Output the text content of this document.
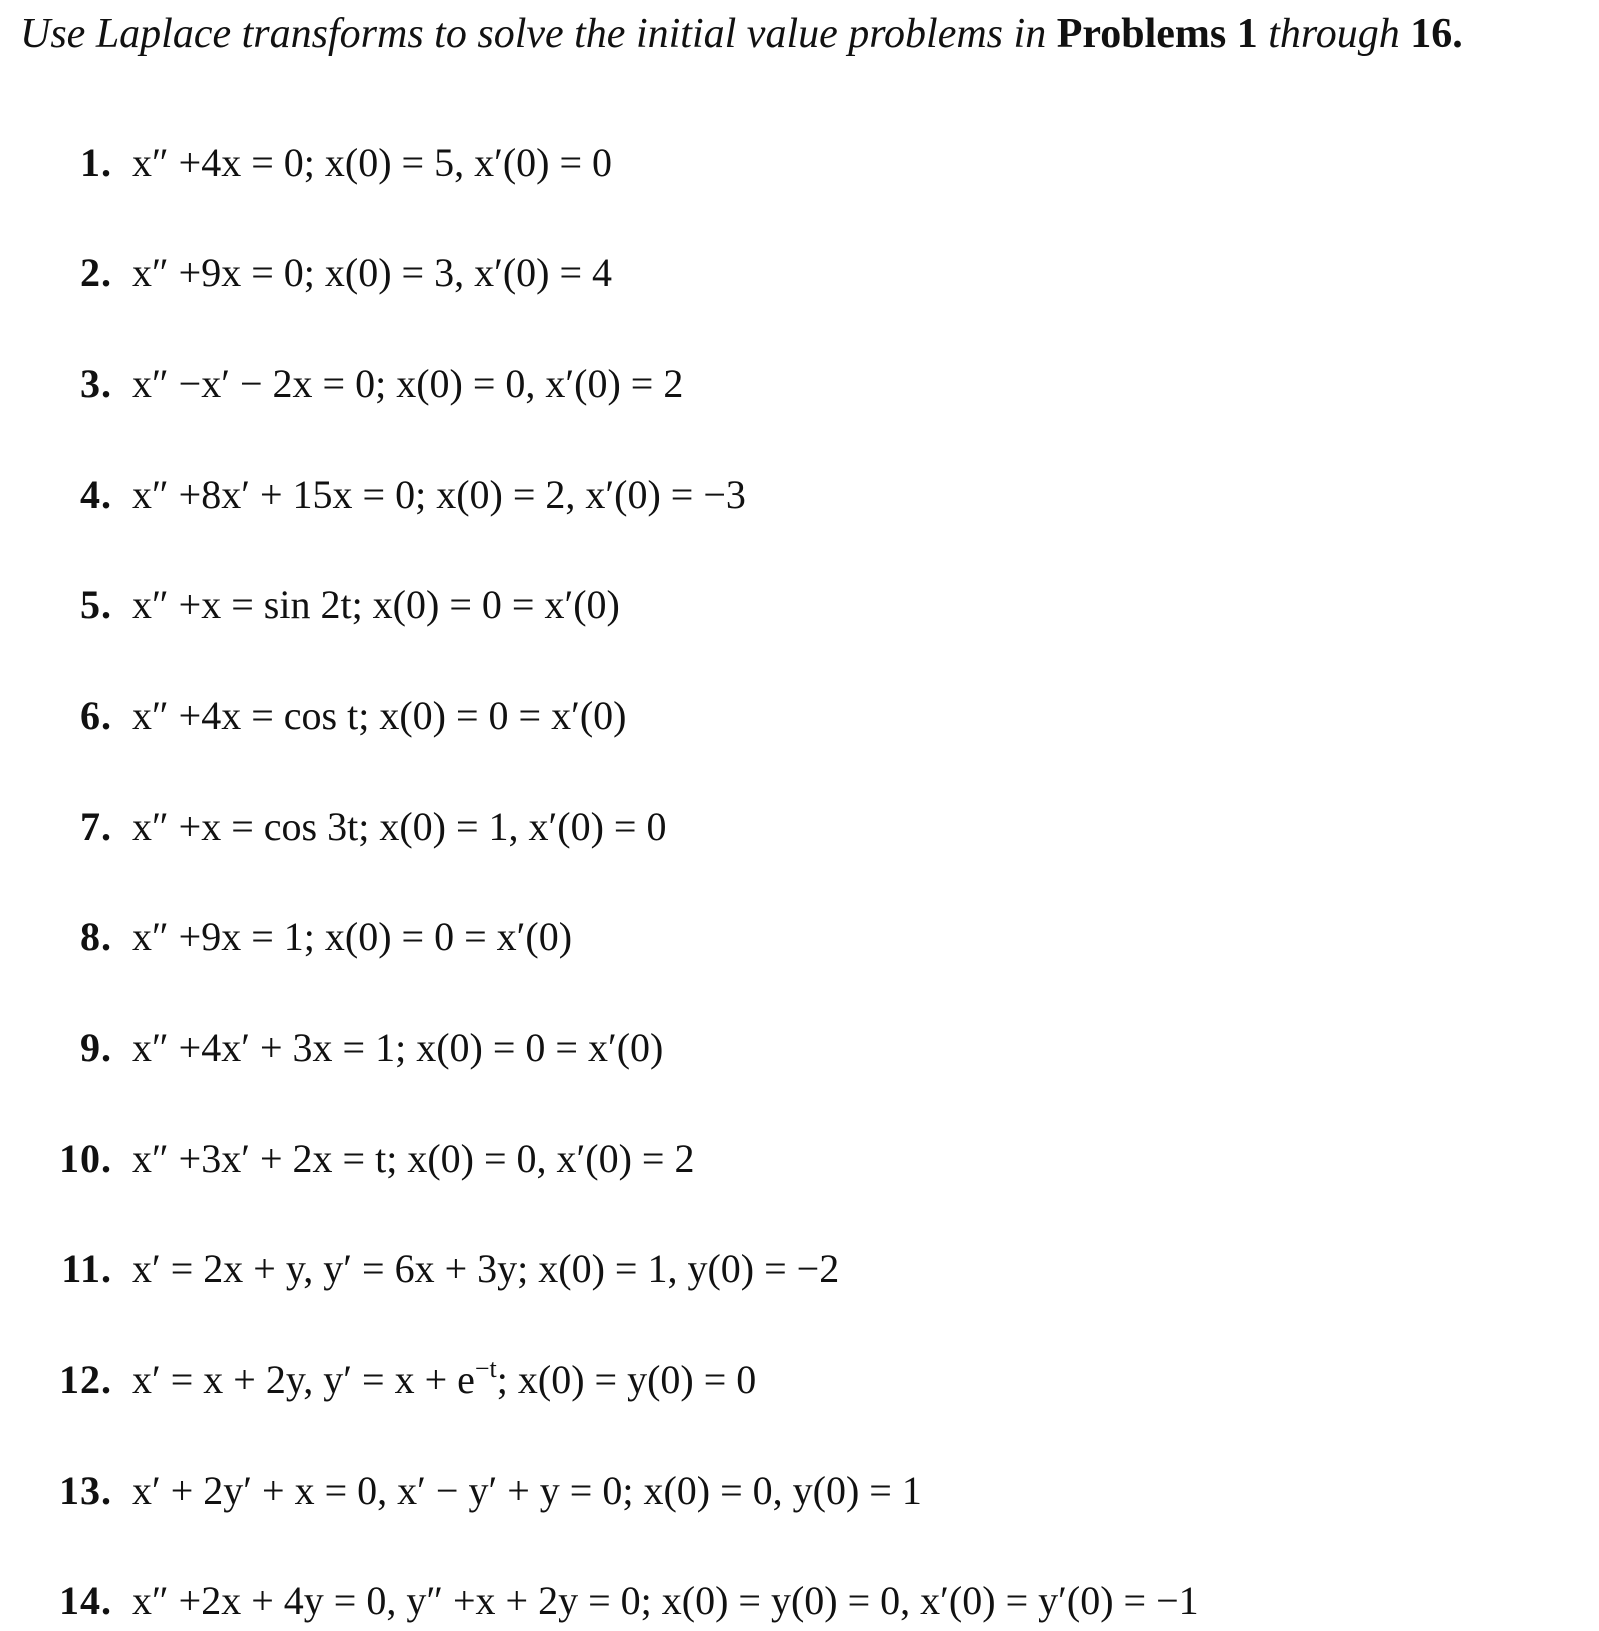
Use Laplace transforms to solve the initial value problems in Problems 1 through 16.
1. x″ +4x = 0; x(0) = 5, x′(0) = 0
2. x″ +9x = 0; x(0) = 3, x′(0) = 4
3. x″ −x′ − 2x = 0; x(0) = 0, x′(0) = 2
4. x″ +8x′ + 15x = 0; x(0) = 2, x′(0) = −3
5. x″ +x = sin 2t; x(0) = 0 = x′(0)
6. x″ +4x = cos t; x(0) = 0 = x′(0)
7. x″ +x = cos 3t; x(0) = 1, x′(0) = 0
8. x″ +9x = 1; x(0) = 0 = x′(0)
9. x″ +4x′ + 3x = 1; x(0) = 0 = x′(0)
10. x″ +3x′ + 2x = t; x(0) = 0, x′(0) = 2
11. x′ = 2x + y, y′ = 6x + 3y; x(0) = 1, y(0) = −2
12. x′ = x + 2y, $y' = x + e^{-t}$; x(0) = y(0) = 0
13. x′ + 2y′ + x = 0, x′ − y′ + y = 0; x(0) = 0, y(0) = 1
14. x″ +2x + 4y = 0, y″ +x + 2y = 0; x(0) = y(0) = 0, x′(0) = y′(0) = −1
